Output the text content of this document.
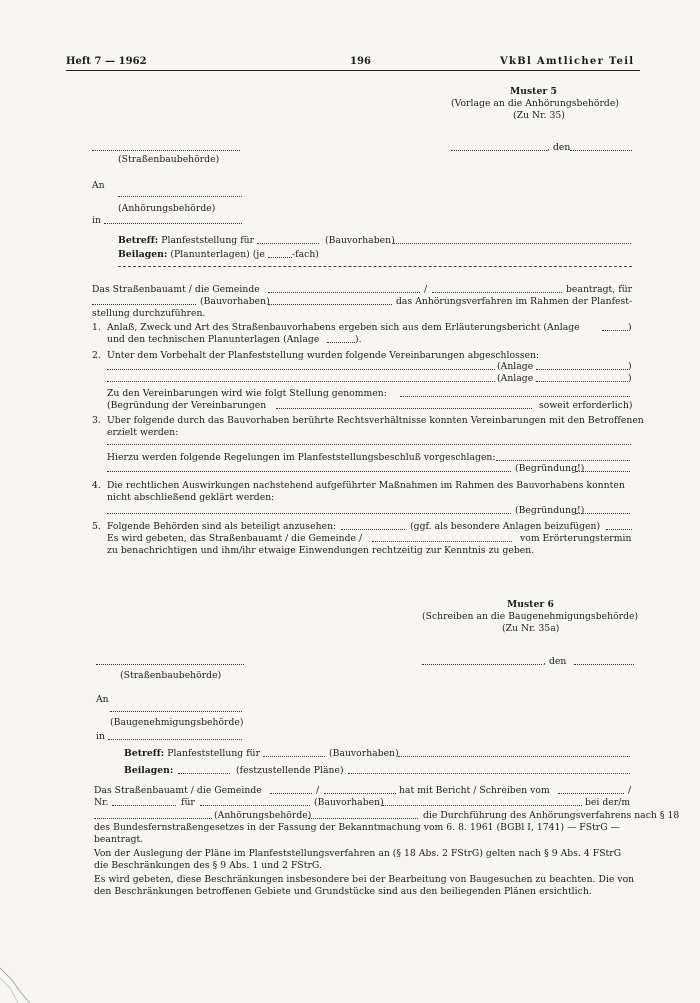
Heft 7 — 1962	196	VkBl Amtlicher Teil
Muster 5
(Vorlage an die Anhörungsbehörde)
(Zu Nr. 35)
, den
(Straßenbaubehörde)
An
(Anhörungsbehörde)
in
Betreff: Planfeststellung für	(Bauvorhaben)
Beilagen: (Planunterlagen) (je	-fach)
Das Straßenbauamt / die Gemeinde	/	beantragt, für
(Bauvorhaben)	das Anhörungsverfahren im Rahmen der Planfest-
stellung durchzuführen.
1. Anlaß, Zweck und Art des Straßenbauvorhabens ergeben sich aus dem Erläuterungsbericht (Anlage	)
und den technischen Planunterlagen (Anlage	).
2. Unter dem Vorbehalt der Planfeststellung wurden folgende Vereinbarungen abgeschlossen:
(Anlage	)
(Anlage	)
Zu den Vereinbarungen wird wie folgt Stellung genommen:
(Begründung der Vereinbarungen	soweit erforderlich)
3. Uber folgende durch das Bauvorhaben berührte Rechtsverhältnisse konnten Vereinbarungen mit den Betroffenen
erzielt werden:
Hierzu werden folgende Regelungen im Planfeststellungsbeschluß vorgeschlagen:
(Begründung!)
4. Die rechtlichen Auswirkungen nachstehend aufgeführter Maßnahmen im Rahmen des Bauvorhabens konnten
nicht abschließend geklärt werden:
(Begründung!)
5. Folgende Behörden sind als beteiligt anzusehen:	(ggf. als besondere Anlagen beizufügen)
Es wird gebeten, das Straßenbauamt / die Gemeinde /	vom Erörterungstermin
zu benachrichtigen und ihm/ihr etwaige Einwendungen rechtzeitig zur Kenntnis zu geben.
Muster 6
(Schreiben an die Baugenehmigungsbehörde)
(Zu Nr. 35a)
, den
(Straßenbaubehörde)
An
(Baugenehmigungsbehörde)
in
Betreff: Planfeststellung für	(Bauvorhaben)
Beilagen:	(festzustellende Pläne)
Das Straßenbauamt / die Gemeinde	/	hat mit Bericht / Schreiben vom	/
Nr.	für	(Bauvorhaben)	bei der/m
(Anhörungsbehörde)	die Durchführung des Anhörungsverfahrens nach § 18
des Bundesfernstraßengesetzes in der Fassung der Bekanntmachung vom 6. 8. 1961 (BGBl I, 1741) — FStrG —
beantragt.
Von der Auslegung der Pläne im Planfeststellungsverfahren an (§ 18 Abs. 2 FStrG) gelten nach § 9 Abs. 4 FStrG
die Beschränkungen des § 9 Abs. 1 und 2 FStrG.
Es wird gebeten, diese Beschränkungen insbesondere bei der Bearbeitung von Baugesuchen zu beachten. Die von
den Beschränkungen betroffenen Gebiete und Grundstücke sind aus den beiliegenden Plänen ersichtlich.
